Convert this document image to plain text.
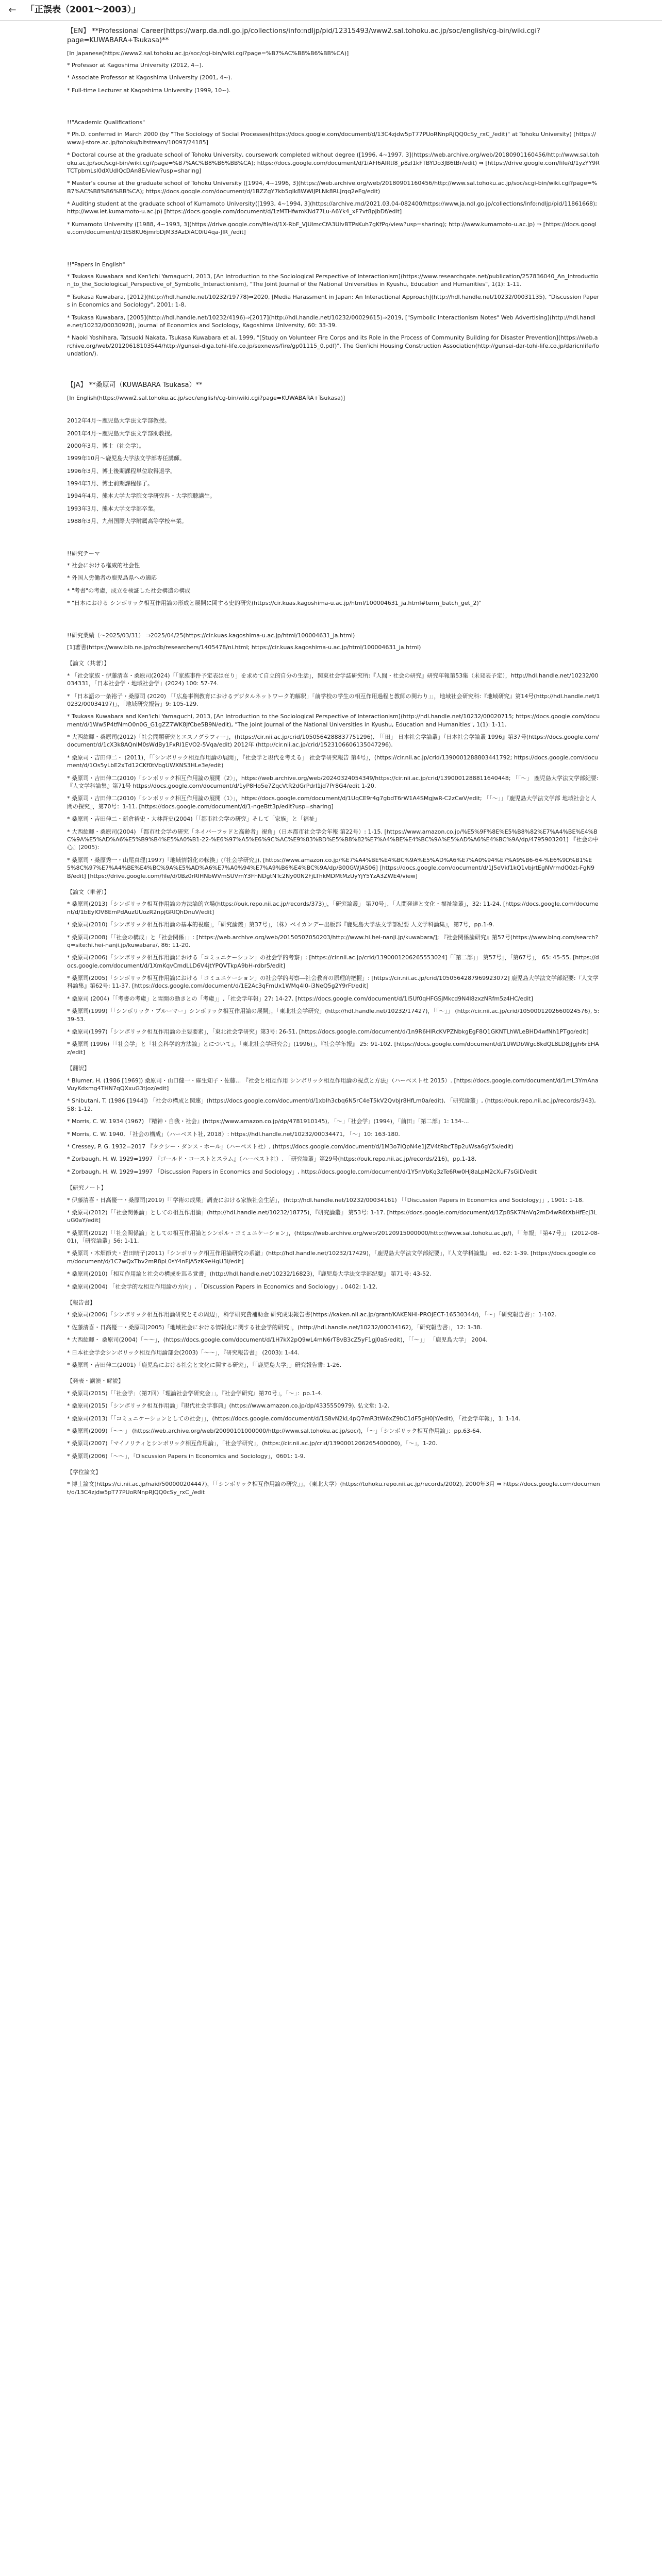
← 「正誤表（2001〜2003）」
【EN】 **Professional Career(https://warp.da.ndl.go.jp/collections/info:ndljp/pid/12315493/www2.sal.tohoku.ac.jp/soc/english/cg-bin/wiki.cgi?page=KUWABARA+Tsukasa)**

[In Japanese(https://www2.sal.tohoku.ac.jp/soc/cgi-bin/wiki.cgi?page=%B7%AC%B8%B6%BB%CA)]

* Professor at Kagoshima University (2012, 4~).

* Associate Professor at Kagoshima University (2001, 4~).

* Full-time Lecturer at Kagoshima University (1999, 10~).

!!"Academic Qualifications"

* Ph.D. conferred in March 2000 (by "The Sociology of Social Processes(https://docs.google.com/document/d/13C4zjdw5pT77PUoRNnpRJQQ0cSy_rxC_/edit)" at Tohoku University) [https://www.j-store.ac.jp/tohoku/bitstream/10097/24185]

* Doctoral course at the graduate school of Tohoku University, coursework completed without degree ([1996, 4~1997, 3](https://web.archive.org/web/20180901160456/http://www.sal.tohoku.ac.jp/soc/scgi-bin/wiki.cgi?page=%B7%AC%B8%B6%BB%CA); https://docs.google.com/document/d/1iAFl6AlRtl8_p8zl1kFTBYDo3JB6tBr/edit) ⇒ [https://drive.google.com/file/d/1yzYY9RTCTpbmLsl0dXUdIQcDAn8E/view?usp=sharing]

* Master's course at the graduate school of Tohoku University ([1994, 4~1996, 3](https://web.archive.org/web/20180901160456/http://www.sal.tohoku.ac.jp/soc/scgi-bin/wiki.cgi?page=%B7%AC%B8%B6%BB%CA); https://docs.google.com/document/d/1BZZgY7kb5qIk8WWlJPLNk8RLJrqq2eFg/edit)

* Auditing student at the graduate school of Kumamoto University([1993, 4~1994, 3](https://archive.md/2021.03.04-082400/https://www.ja.ndl.go.jp/collections/info:ndljp/pid/11861668); http://www.let.kumamoto-u.ac.jp) [https://docs.google.com/document/d/1zMTHfwmKNd77Lu-A6Yk4_xF7vt8pJbDf/edit]

* Kumamoto University ([1988, 4~1993, 3](https://drive.google.com/file/d/1X-RbF_VJUlmcCfA3UlvBTPsKuh7gKfPq/view?usp=sharing); http://www.kumamoto-u.ac.jp) ⇒ [https://docs.google.com/document/d/1tS8KU6jmrbDjM33AzDiAC0iU4qa-JlR_/edit]

!!"Papers in English"

* Tsukasa Kuwabara and Ken'ichi Yamaguchi, 2013, [An Introduction to the Sociological Perspective of Interactionism](https://www.researchgate.net/publication/257836040_An_Introduction_to_the_Sociological_Perspective_of_Symbolic_Interactionism), "The Joint Journal of the National Universities in Kyushu, Education and Humanities", 1(1): 1-11.

* Tsukasa Kuwabara, [2012](http://hdl.handle.net/10232/19778)⇒2020, [Media Harassment in Japan: An Interactional Approach](http://hdl.handle.net/10232/00031135), "Discussion Papers in Economics and Sociology", 2001: 1-8.

* Tsukasa Kuwabara, [2005](http://hdl.handle.net/10232/4196)⇒[2017](http://hdl.handle.net/10232/00029615)⇒2019, ["Symbolic Interactionism Notes" Web Advertising](http://hdl.handle.net/10232/00030928), Journal of Economics and Sociology, Kagoshima University, 60: 33-39.

* Naoki Yoshihara, Tatsuoki Nakata, Tsukasa Kuwabara et al, 1999, "[Study on Volunteer Fire Corps and its Role in the Process of Community Building for Disaster Prevention](https://web.archive.org/web/20120618103544/http://gunsei-diga.tohi-life.co.jp/sexnews/fire/gp01115_0.pdf)", The Gen'ichi Housing Construction Association(http://gunsei-dar-tohi-life.co.jp/daricnlife/foundation/).

【JA】 **桑原司（KUWABARA Tsukasa）**

[In English(https://www2.sal.tohoku.ac.jp/soc/english/cg-bin/wiki.cgi?page=KUWABARA+Tsukasa)]

2012年4月〜鹿児島大学法文学部教授。

2001年4月〜鹿児島大学法文学部助教授。

2000年3月、博士（社会学）。

1999年10月〜鹿児島大学法文学部専任講師。

1996年3月、博士後期課程単位取得退学。

1994年3月、博士前期課程修了。

1994年4月、熊本大学大学院文学研究科・大学院聴講生。

1993年3月、熊本大学文学部卒業。

1988年3月、九州国際大学附属高等学校卒業。

!!研究テーマ

* 社会における権威的社会性

* 外国人労働者の鹿児島県への適応

* "考書"の考慮，成立を検証した社会構造の構成

* "日本における シンボリック相互作用論の形成と展開に関する史的研究(https://cir.kuas.kagoshima-u.ac.jp/html/100004631_ja.html#term_batch_get_2)"

!!研究業績（〜2025/03/31） ⇒2025/04/25(https://cir.kuas.kagoshima-u.ac.jp/html/100004631_ja.html)

[1]著書(https://www.bib.ne.jp/rodb/researchers/1405478/ni.html; https://cir.kuas.kagoshima-u.ac.jp/html/100004631_ja.html)

【論文（共著）】

* 「社会家族・伊藤清喜・桑原司(2024)「「家族事件予定表は在り」を求めて自立的自分の生活」，関東社会学誌研究所:『人間・社会の研究』研究年報第53集（未発表予定），http://hdl.handle.net/10232/00034331，「日本社会学・地域社会学」(2024) 100: 57-74.

* 「日本語の一条裕子・桑原司 (2020) 「「広島事例教育におけるデジタルネットワーク的解釈」「前学校の学生の相互作用過程と教師の関わり」」，地域社会研究科:『地域研究』第14号(http://hdl.handle.net/10232/00034197)」，「地域研究報告」9: 105-129.

* Tsukasa Kuwabara and Ken'ichi Yamaguchi, 2013, [An Introduction to the Sociological Perspective of Interactionism](http://hdl.handle.net/10232/00020715; https://docs.google.com/document/d/1Ww5P4tfNmO0n0G_G1gZZ7WK8JfCbe5B9N/edit), "The Joint Journal of the National Universities in Kyushu, Education and Humanities", 1(1): 1-11.

* 大西紘暉・桑原司(2012)「社会問題研究とエスノグラフィー」，(https://cir.nii.ac.jp/crid/1050564288837751296), 「「田」 日本社会学論叢」『日本社会学論叢 1996』第37号(https://docs.google.com/document/d/1cX3k8AQnlM0sWdBy1FxRI1EVO2-5Vqa/edit) 2012年 (http://cir.nii.ac.jp/crid/1523106606135047296).

* 桑原司・吉田伸二・ (2011)，「「シンボリック相互作用論の展開」，『社会学と現代を考える」 社会学研究報告 第4号』，(https://cir.nii.ac.jp/crid/1390001288803441792; https://docs.google.com/document/d/1Os5yLbE2xTd12CKf0tVbgUWXNS3HLe3e/edit)

* 桑原司・吉田伸二(2010)「シンボリック相互作用論の展開〈2〉」，https://web.archive.org/web/20240324054349/https://cir.nii.ac.jp/crid/1390001288811640448; 「「〜」 鹿児島大学法文学部紀要:『人文学科論集』第71号 https://docs.google.com/document/d/1yP8Ho5e7ZqcVtR2dGrPdrI1jd7Pr8G4/edit 1-20.

* 桑原司・吉田伸二(2010)「シンボリック相互作用論の展開〈1〉」，https://docs.google.com/document/d/1UqCE9r4g7gbdT6rW1A4SMgjwR-C2zCwV/edit; 「「〜」」『鹿児島大学法文学部 地域社会と人間の探究』，第70号：1-11. [https://docs.google.com/document/d/1-ngeBtt3p/edit?usp=sharing]

* 桑原司・吉田伸二・新倉裕史・大林啓史(2004)「「都市社会学の研究」そして「家族」と「福祉」

* 大西紘暉・桑原司(2004) 「都市社会学の研究「ネイバーフッドと高齢者」視角」（日本都市社会学会年報 第22号）: 1-15. [https://www.amazon.co.jp/%E5%9F%8E%E5%B8%82%E7%A4%BE%E4%BC%9A%E5%AD%A6%E5%B9%B4%E5%A0%B1-22-%E6%97%A5%E6%9C%AC%E9%83%BD%E5%B8%82%E7%A4%BE%E4%BC%9A%E5%AD%A6%E4%BC%9A/dp/4795903201] 『社会の中心』(2005):

* 桑原司・桑原秀一・山尾真理(1997)「地域情報化の転換」(『社会学研究』), [https://www.amazon.co.jp/%E7%A4%BE%E4%BC%9A%E5%AD%A6%E7%A0%94%E7%A9%B6-64-%E6%9D%B1%E5%8C%97%E7%A4%BE%E4%BC%9A%E5%AD%A6%E7%A0%94%E7%A9%B6%E4%BC%9A/dp/B00GWJAS06] [https://docs.google.com/document/d/1J5eVkf1kQ1vbjrtEgNVrmdO0zt-FgN9B/edit] [https://drive.google.com/file/d/0Bz0rRIHNbWVmSUVmY3FhNDgtNTc2Ny00N2FjLThkMDMtMzUyYjY5YzA3ZWE4/view]

【論文（単著）】

* 桑原司(2013)「シンボリック相互作用論の方法論的立場(https://ouk.repo.nii.ac.jp/records/373)」，「研究論叢」 第70号」，「人間発達と文化・福祉論叢」，32: 11-24. [https://docs.google.com/document/d/1bEyIOV8EmPdAuzUUozR2npjGRlQhDnuV/edit]

* 桑原司(2010)「シンボリック相互作用論の基本的視座」，「研究論叢」第37号」，（株）ベイカンデー出版部『鹿児島大学法文学部紀要 人文学科論集』，第7号，pp.1-9.

* 桑原司(2008)「「社会の構成」と「社会関係」」: [https://web.archive.org/web/20150507050203/http://www.hi.hei-nanji.jp/kuwabara/]; 『社会関係論研究』第57号(https://www.bing.com/search?q=site:hi.hei-nanji.jp/kuwabara/, 86: 11-20.

* 桑原司(2006)「シンボリック相互作用論における「コミュニケーション」の社会学的考察」: [https://cir.nii.ac.jp/crid/1390001206265553024]「「第二部」」 第57号』，「第67号」， 65: 45-55. [https://docs.google.com/document/d/1XmKqvCmdLLD6V4jtYPQVTkpA9bH-rdbr5/edit]

* 桑原司(2005)「シンボリック相互作用論における「コミュニケーション」の社会学的考察―社会教育の原理的把握」: [https://cir.nii.ac.jp/crid/1050564287969923072] 鹿児島大学法文学部紀要:『人文学科論集』第62号: 11-37. [https://docs.google.com/document/d/1E2Ac3qFmUx1WMq4l0-i3NeQ5g2Y9rFt/edit]

* 桑原司 (2004)「「考書の考慮」と雪開の動きとの「考慮」」,「社会学年報」27: 14-27. [https://docs.google.com/document/d/1l5Uf0qHFGSjMkcd9N4l8zxzNRfm5z4HC/edit]

* 桑原司(1999)「「シンボリック・ブルーマー」シンボリック相互作用論の展開」，「東北社会学研究」(http://hdl.handle.net/10232/17427)，「「〜」」 (http://cir.nii.ac.jp/crid/1050001202660024576), 5: 39-53.

* 桑原司(1997)「シンボリック相互作用論の主要要素」，「東北社会学研究」第3号: 26-51, [https://docs.google.com/document/d/1n9R6HIRcKVPZNbkgEgF8Q1GKNTLhWLeBHD4wfNh1PTgo/edit]

* 桑原司 (1996)「「社会学」と「社会科学的方法論」とについて」，「東北社会学研究会」(1996)」，『社会学年報』 25: 91-102. [https://docs.google.com/document/d/1UWDbWgc8kdQL8LD8jJgjh6rEHAz/edit]

【翻訳】

* Blumer, H. (1986 [1969]) 桑原司・山口健一・麻生知子・佐藤... 『社会と相互作用 シンボリック相互作用論の視点と方法』（ハーベスト社 2015）. [https://docs.google.com/document/d/1mL3YmAnaVuyKdxmg4THN7qQXxuG3tJoz/edit]

* Shibutani, T. (1986 [1944]) 「社会の構成と関連」(https://docs.google.com/document/d/1xbIh3cbq6N5rC4eT5kV2QvbJr8HfLm0a/edit), 「研究論叢」, (https://ouk.repo.nii.ac.jp/records/343), 58: 1-12.

* Morris, C. W. 1934 (1967) 『精神・自我・社会』(https://www.amazon.co.jp/dp/4781910145), 「〜」「社会学」(1994)，「前田」「第二部」1: 134-...

* Morris, C. W. 1940, 「社会の構成」（ハーベスト社, 2018）: https://hdl.handle.net/10232/00034471, 「〜」10: 163-180.

* Cressey, P. G. 1932=2017 『タクシー・ダンス・ホール』（ハーベスト社）, (https://docs.google.com/document/d/1M3o7lQpN4e1JZV4tRbcT8p2uWsa6gY5x/edit)

* Zorbaugh, H. W. 1929=1997 『ゴールド・コーストとスラム』（ハーベスト社）, 「研究論叢」第29号(https://ouk.repo.nii.ac.jp/records/216)，pp.1-18.

* Zorbaugh, H. W. 1929=1997 「Discussion Papers in Economics and Sociology」, https://docs.google.com/document/d/1Y5nVbKq3zTe6Rw0Hj8aLpM2cXuF7sGiD/edit

【研究ノート】

* 伊藤清喜・日高優一・桑原司(2019)「「学術の成果」調査における家族社会生活」，(http://hdl.handle.net/10232/00034161) 「「Discussion Papers in Economics and Sociology」」, 1901: 1-18.

* 桑原司(2012)「「社会関係論」としての相互作用論」(http://hdl.handle.net/10232/18775)，『研究論叢』 第53号: 1-17. [https://docs.google.com/document/d/1Zp8SK7NnVq2mD4wR6tXbHfEcJ3LuG0aY/edit]

* 桑原司(2012)「「社会関係論」としての相互作用論とシンボル・コミュニケーション」，(https://web.archive.org/web/20120915000000/http://www.sal.tohoku.ac.jp/)，「「年報」「第47号」」 (2012-08-01)，「研究論叢」56: 1-11.

* 桑原司・木畑節夫・岩田晴子(2011)「シンボリック相互作用論研究の系譜」(http://hdl.handle.net/10232/17429)，「鹿児島大学法文学部紀要」，『人文学科論集』 ed. 62: 1-39. [https://docs.google.com/document/d/1C7wQxTbv2mR8pL0sY4nFjA5zK9eHgU3i/edit]

* 桑原司(2010)「相互作用論と社会の構成を巡る覚書」(http://hdl.handle.net/10232/16823)，『鹿児島大学法文学部紀要』 第71号: 43-52.

* 桑原司(2004) 「社会学的な相互作用論の方向」, 「Discussion Papers in Economics and Sociology」, 0402: 1-12.

【報告書】

* 桑原司(2006)「シンボリック相互作用論研究とその周辺」，科学研究費補助金 研究成果報告書(https://kaken.nii.ac.jp/grant/KAKENHI-PROJECT-16530344/)，「〜」「研究報告書」：1-102.

* 佐藤清喜・日高優一・桑原司(2005)「地域社会における情報化に関する社会学的研究」，(http://hdl.handle.net/10232/00034162)，「研究報告書」，12: 1-38.

* 大西紘暉・ 桑原司(2004)「〜〜」，(https://docs.google.com/document/d/1H7kX2pQ9wL4mN6rT8vB3cZ5yF1gJ0aS/edit)，「「〜」」 「鹿児島大学」 2004.

* 日本社会学会シンボリック相互作用論部会(2003)「〜〜」，『研究報告書』 (2003): 1-44.

* 桑原司・吉田伸二(2001)「鹿児島における社会と文化に関する研究」，「「鹿児島大学」」研究報告書: 1-26.

【発表・講演・解説】

* 桑原司(2015)「「社会学」（第7回）「理論社会学研究会」」，『社会学研究』第70号」，「〜」：pp.1-4.

* 桑原司(2015)「シンボリック相互作用論」『現代社会学事典』(https://www.amazon.co.jp/dp/4335550979), 弘文堂: 1-2.

* 桑原司(2013)「「コミュニケーションとしての社会」」，(https://docs.google.com/document/d/1S8vN2kL4pQ7mR3tW6xZ9bC1dF5gH0jY/edit)，「社会学年報」，1: 1-14.

* 桑原司(2009)「〜〜」 (https://web.archive.org/web/20090101000000/http://www.sal.tohoku.ac.jp/soc/)，「〜」「シンボリック相互作用論」：pp.63-64.

* 桑原司(2007)「マイノリティとシンボリック相互作用論」，「社会学研究」，(https://cir.nii.ac.jp/crid/1390001206265400000)，「〜」，1-20.

* 桑原司(2006)「〜〜」，「Discussion Papers in Economics and Sociology」，0601: 1-9.

【学位論文】

* 博士論文(https://ci.nii.ac.jp/naid/500000204447)，「「シンボリック相互作用論の研究」」，（東北大学）(https://tohoku.repo.nii.ac.jp/records/2002), 2000年3月 ⇒ https://docs.google.com/document/d/13C4zjdw5pT77PUoRNnpRJQQ0cSy_rxC_/edit
